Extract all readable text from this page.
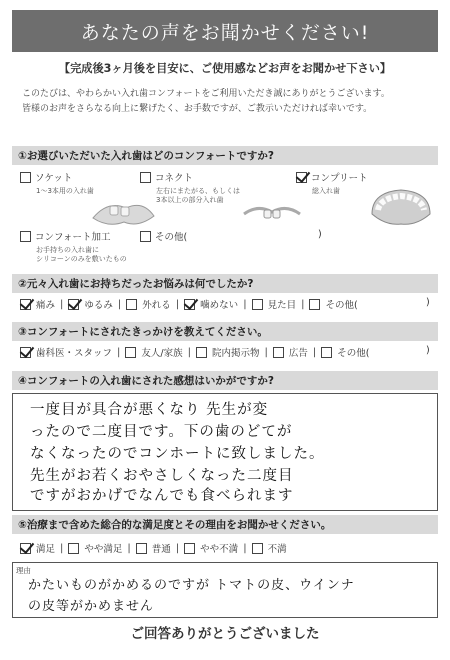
あなたの声をお聞かせください!
【完成後3ヶ月後を目安に、ご使用感などお声をお聞かせ下さい】
このたびは、やわらかい入れ歯コンフォートをご利用いただき誠にありがとうございます。
皆様のお声をさらなる向上に繋げたく、お手数ですが、ご教示いただければ幸いです。
①お選びいただいた入れ歯はどのコンフォートですか?
ソケット
1〜3本用の入れ歯
コネクト
左右にまたがる、もしくは
3本以上の部分入れ歯
コンプリート
総入れ歯
コンフォート加工
お手持ちの入れ歯に
シリコーンのみを敷いたもの
その他(	)
②元々入れ歯にお持ちだったお悩みは何でしたか?
痛み | ゆるみ | 外れる | 噛めない | 見た目 | その他(	)
③コンフォートにされたきっかけを教えてください。
歯科医・スタッフ | 友人/家族 | 院内掲示物 | 広告 | その他(	)
④コンフォートの入れ歯にされた感想はいかがですか?
一度目が具合が悪くなり 先生が変
ったので二度目です。下の歯のどてが
なくなったのでコンホートに致しました。
先生がお若くおやさしくなった二度目
ですがおかげでなんでも食べられます
⑤治療まで含めた総合的な満足度とその理由をお聞かせください。
満足 | やや満足 | 普通 | やや不満 | 不満
理由
かたいものがかめるのですが トマトの皮、ウインナ
の皮等がかめません
ご回答ありがとうございました
